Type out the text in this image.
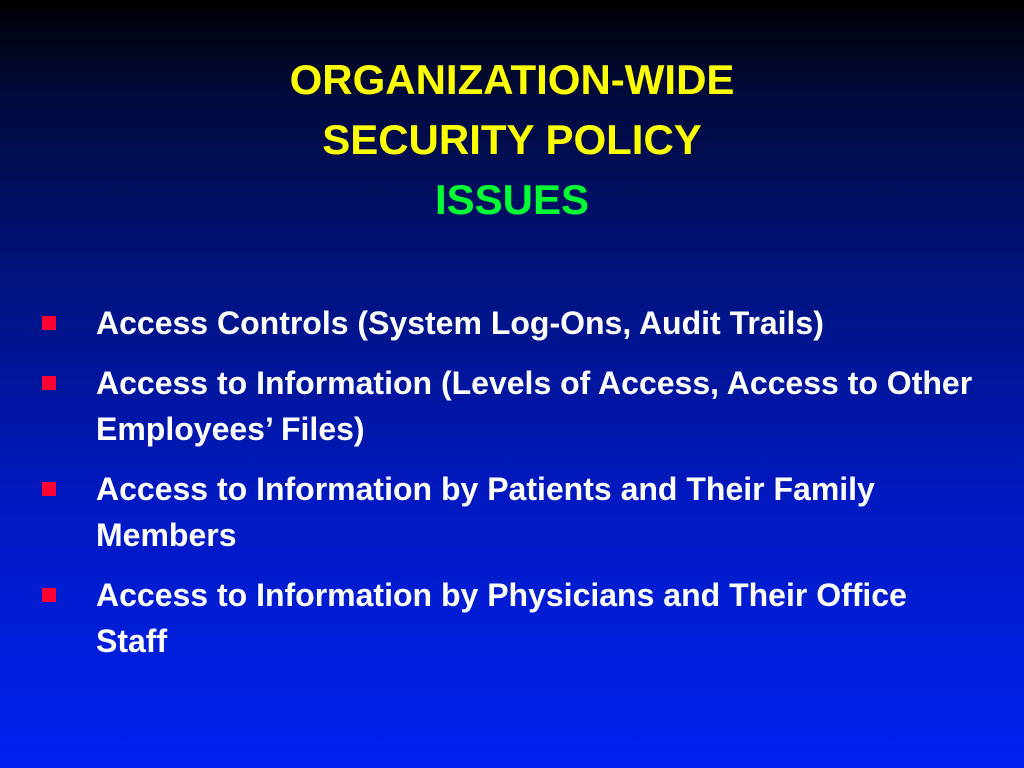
ORGANIZATION-WIDE
SECURITY POLICY
ISSUES
Access Controls (System Log-Ons, Audit Trails)
Access to Information (Levels of Access, Access to Other Employees’ Files)
Access to Information by Patients and Their Family Members
Access to Information by Physicians and Their Office Staff
